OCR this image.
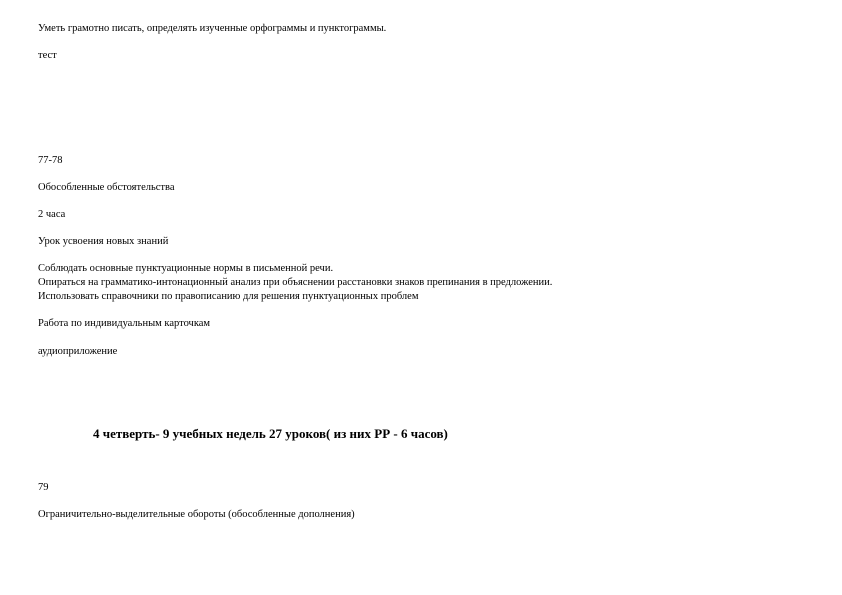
Уметь грамотно писать, определять изученные орфограммы и пунктограммы.
тест
77-78
Обособленные обстоятельства
2 часа
Урок усвоения новых знаний
Соблюдать основные пунктуационные нормы в письменной речи.
Опираться на грамматико-интонационный анализ при объяснении расстановки знаков препинания в предложении.
Использовать справочники по правописанию для решения пунктуационных проблем
Работа по индивидуальным карточкам
аудиоприложение
4 четверть- 9 учебных недель 27 уроков( из них РР - 6 часов)
79
Ограничительно-выделительные обороты (обособленные дополнения)
